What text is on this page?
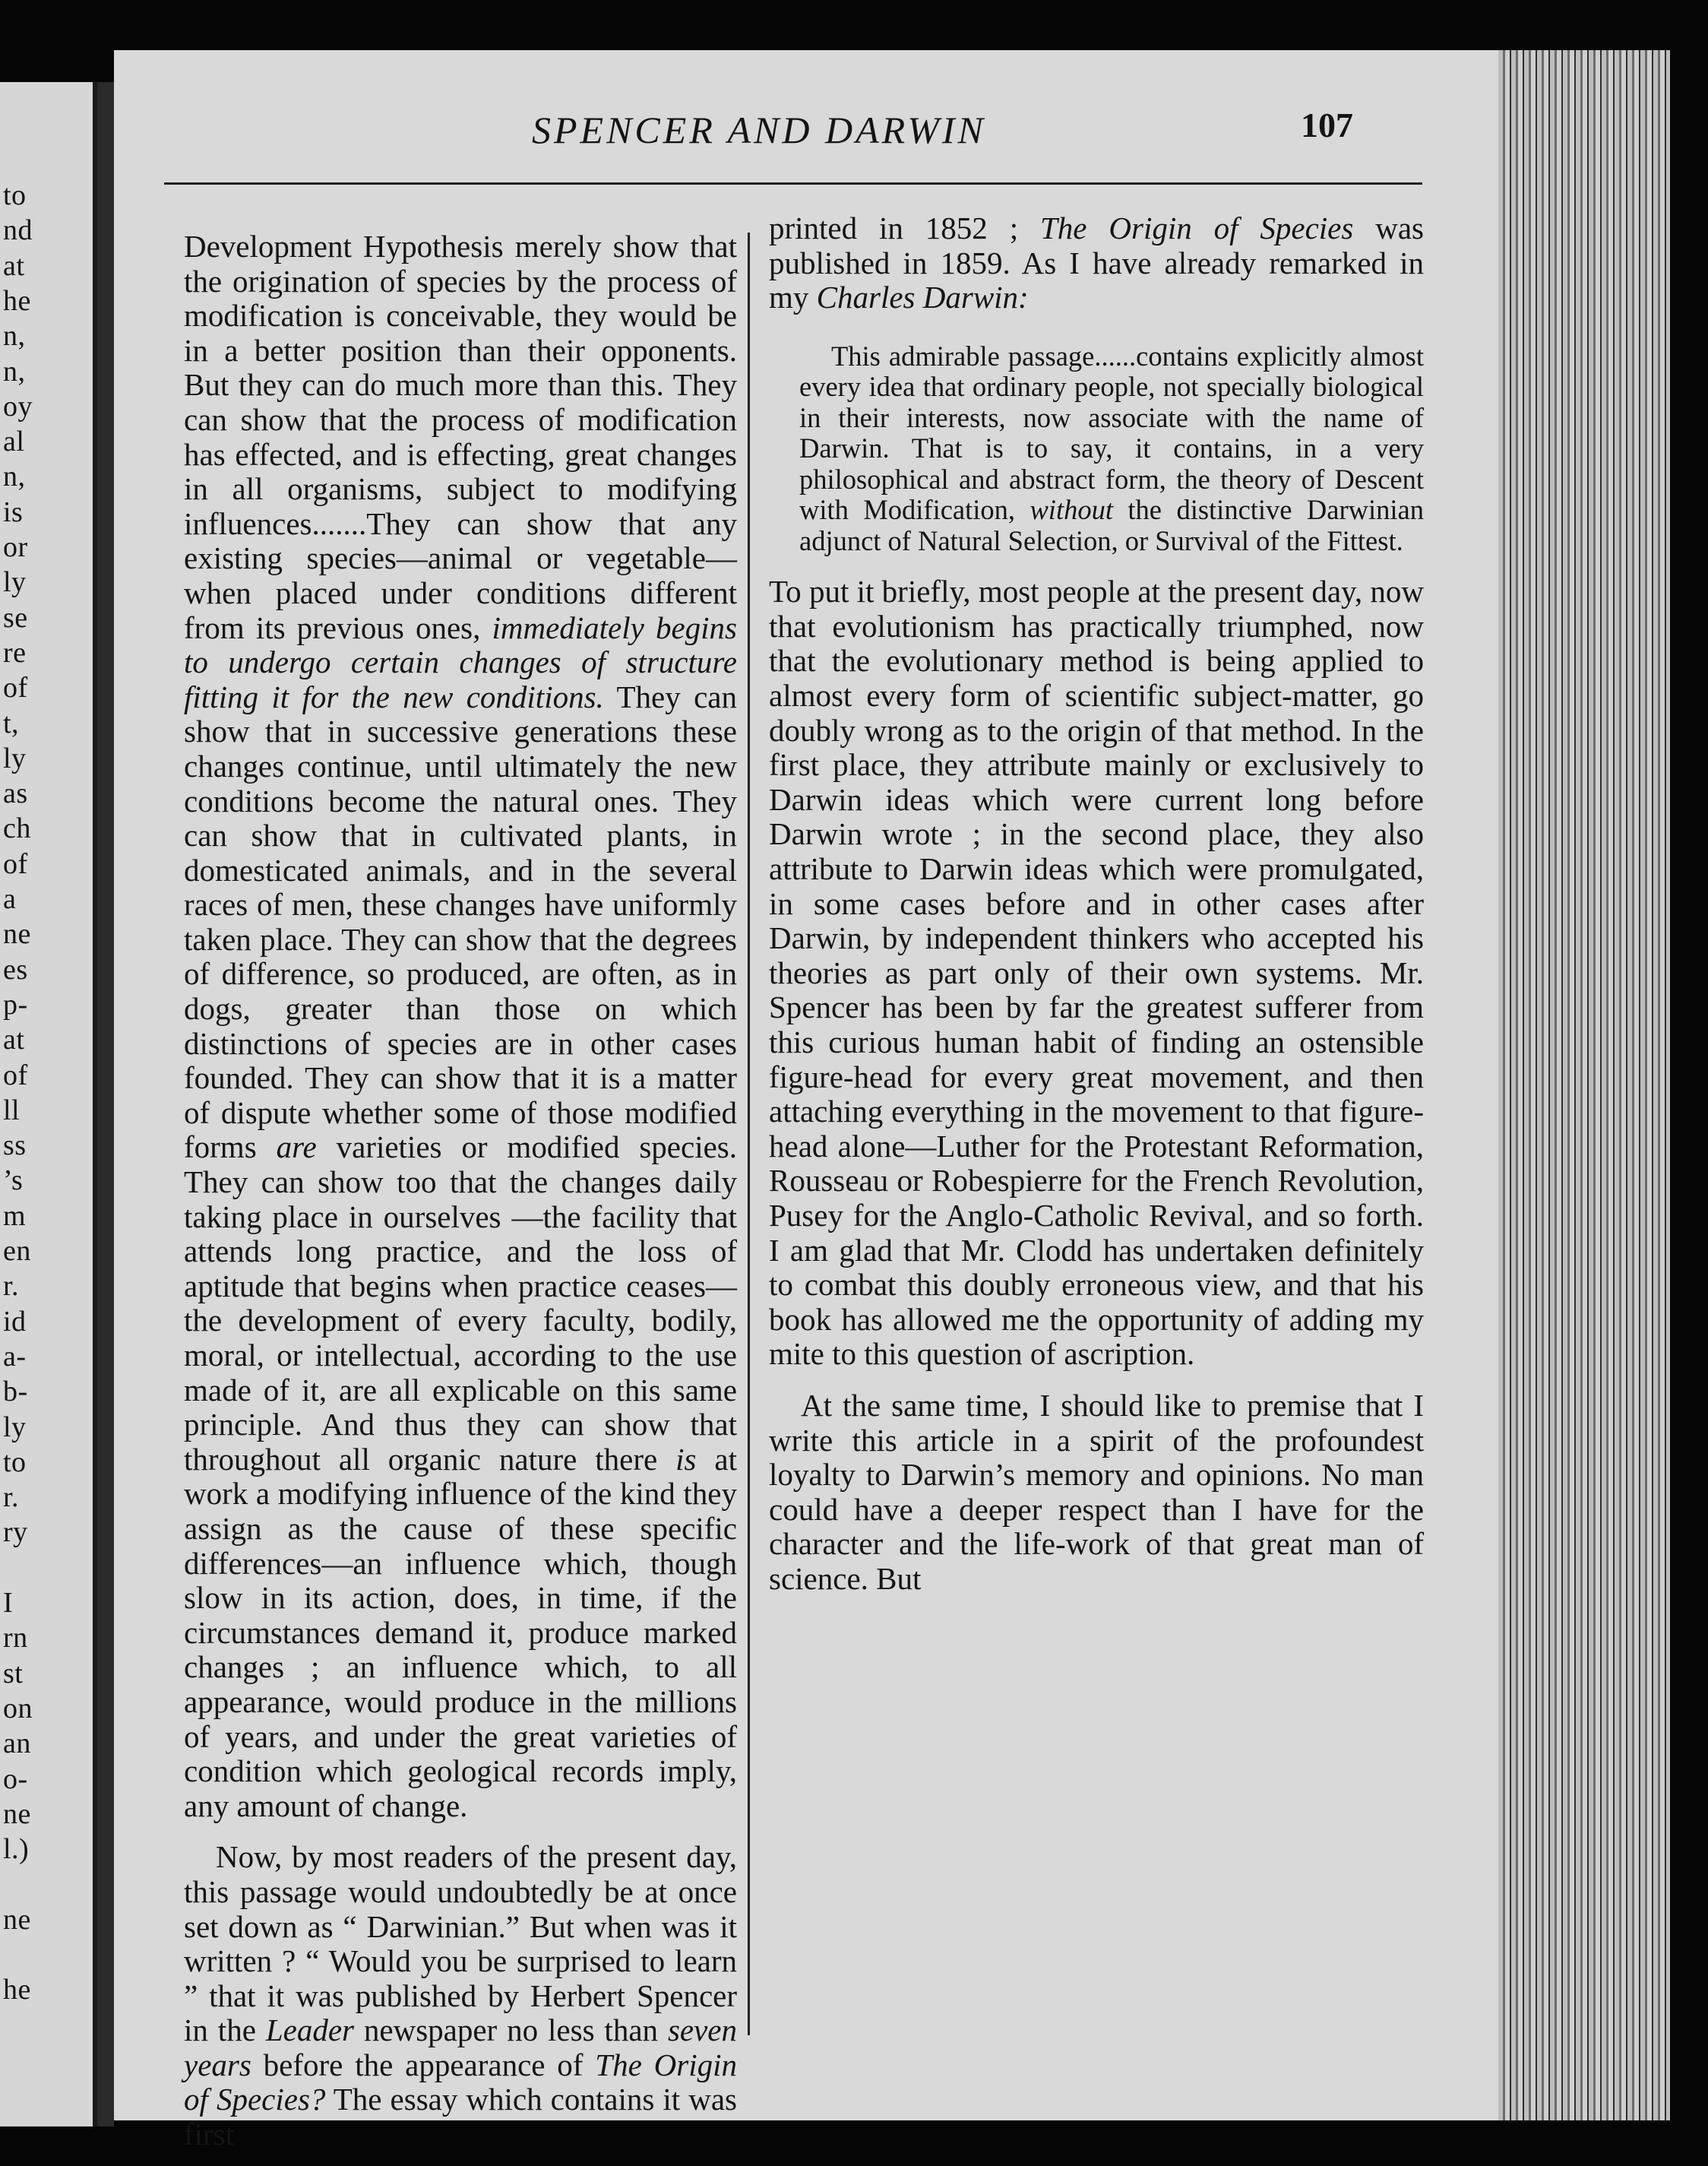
to
nd
at
he
n,
n,
oy
al
n,
is
or
ly
se
re
of
t,
ly
as
ch
of
a
ne
es
p-
at
of
ll
ss
’s
m
en
r.
id
a-
b-
ly
to
r.
ry
I
rn
st
on
an
o-
ne
l.)
ne
he
SPENCER AND DARWIN	107

Development Hypothesis merely show that the origination of species by the process of modification is conceivable, they would be in a better position than their opponents. But they can do much more than this. They can show that the process of modification has effected, and is effecting, great changes in all organisms, subject to modifying influences.......They can show that any existing species—animal or vegetable—when placed under conditions different from its previous ones, immediately begins to undergo certain changes of structure fitting it for the new conditions. They can show that in successive generations these changes continue, until ultimately the new conditions become the natural ones. They can show that in cultivated plants, in domesticated animals, and in the several races of men, these changes have uniformly taken place. They can show that the degrees of difference, so produced, are often, as in dogs, greater than those on which distinctions of species are in other cases founded. They can show that it is a matter of dispute whether some of those modified forms are varieties or modified species. They can show too that the changes daily taking place in ourselves —the facility that attends long practice, and the loss of aptitude that begins when practice ceases—the development of every faculty, bodily, moral, or intellectual, according to the use made of it, are all explicable on this same principle. And thus they can show that throughout all organic nature there is at work a modifying influence of the kind they assign as the cause of these specific differences—an influence which, though slow in its action, does, in time, if the circumstances demand it, produce marked changes ; an influence which, to all appearance, would produce in the millions of years, and under the great varieties of condition which geological records imply, any amount of change.

Now, by most readers of the present day, this passage would undoubtedly be at once set down as “ Darwinian.” But when was it written ? “ Would you be surprised to learn ” that it was published by Herbert Spencer in the Leader newspaper no less than seven years before the appearance of The Origin of Species? The essay which contains it was first

printed in 1852 ; The Origin of Species was published in 1859. As I have already remarked in my Charles Darwin:

This admirable passage......contains explicitly almost every idea that ordinary people, not specially biological in their interests, now associate with the name of Darwin. That is to say, it contains, in a very philosophical and abstract form, the theory of Descent with Modification, without the distinctive Darwinian adjunct of Natural Selection, or Survival of the Fittest.

To put it briefly, most people at the present day, now that evolutionism has practically triumphed, now that the evolutionary method is being applied to almost every form of scientific subject-matter, go doubly wrong as to the origin of that method. In the first place, they attribute mainly or exclusively to Darwin ideas which were current long before Darwin wrote ; in the second place, they also attribute to Darwin ideas which were promulgated, in some cases before and in other cases after Darwin, by independent thinkers who accepted his theories as part only of their own systems. Mr. Spencer has been by far the greatest sufferer from this curious human habit of finding an ostensible figure-head for every great movement, and then attaching everything in the movement to that figure-head alone—Luther for the Protestant Reformation, Rousseau or Robespierre for the French Revolution, Pusey for the Anglo-Catholic Revival, and so forth. I am glad that Mr. Clodd has undertaken definitely to combat this doubly erroneous view, and that his book has allowed me the opportunity of adding my mite to this question of ascription.

At the same time, I should like to premise that I write this article in a spirit of the profoundest loyalty to Darwin’s memory and opinions. No man could have a deeper respect than I have for the character and the life-work of that great man of science. But
